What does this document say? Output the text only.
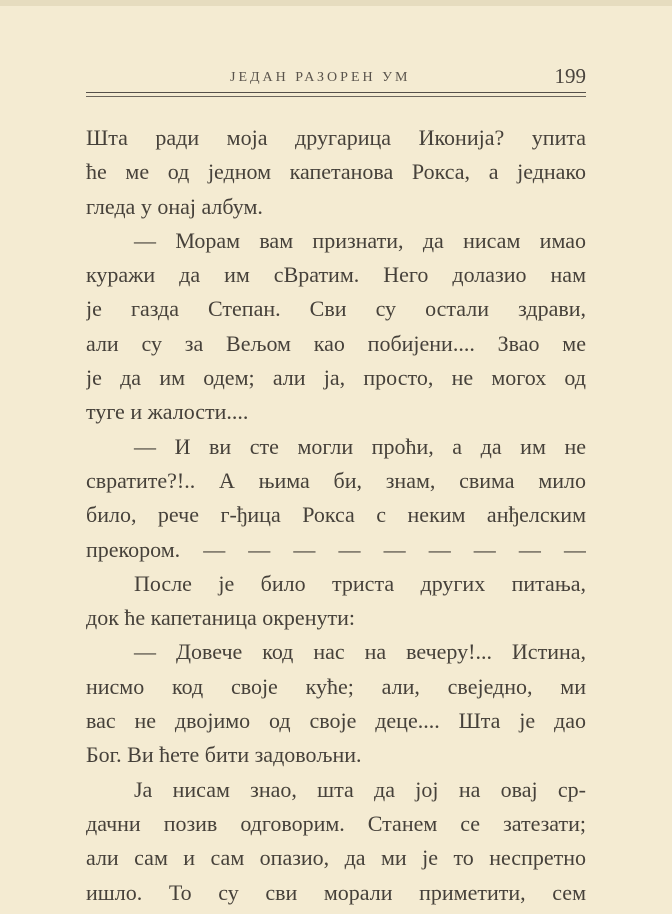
ЈЕДАН РАЗОРЕН УМ	199
Шта ради моја другарица Иконија? упита
ће ме од једном капетанова Рокса, а једнако
гледа у онај албум.
— Морам вам признати, да нисам имао
куражи да им сВратим. Него долазио нам
је газда Степан. Сви су остали здрави,
али су за Вељом као побијени.... Звао ме
је да им одем; али ја, просто, не могох од
туге и жалости....
— И ви сте могли проћи, а да им не
свратите?!.. А њима би, знам, свима мило
било, рече г-ђица Рокса с неким анђелским
прекором. — — — — — — — — —
После је било триста других питања,
док ће капетаница окренути:
— Довече код нас на вечеру!... Истина,
нисмо код своје куће; али, свеједно, ми
вас не двојимо од своје деце.... Шта је дао
Бог. Ви ћете бити задовољни.
Ја нисам знао, шта да јој на овај ср-
дачни позив одговорим. Станем се затезати;
али сам и сам опазио, да ми је то неспретно
ишло. То су сви морали приметити, сем
